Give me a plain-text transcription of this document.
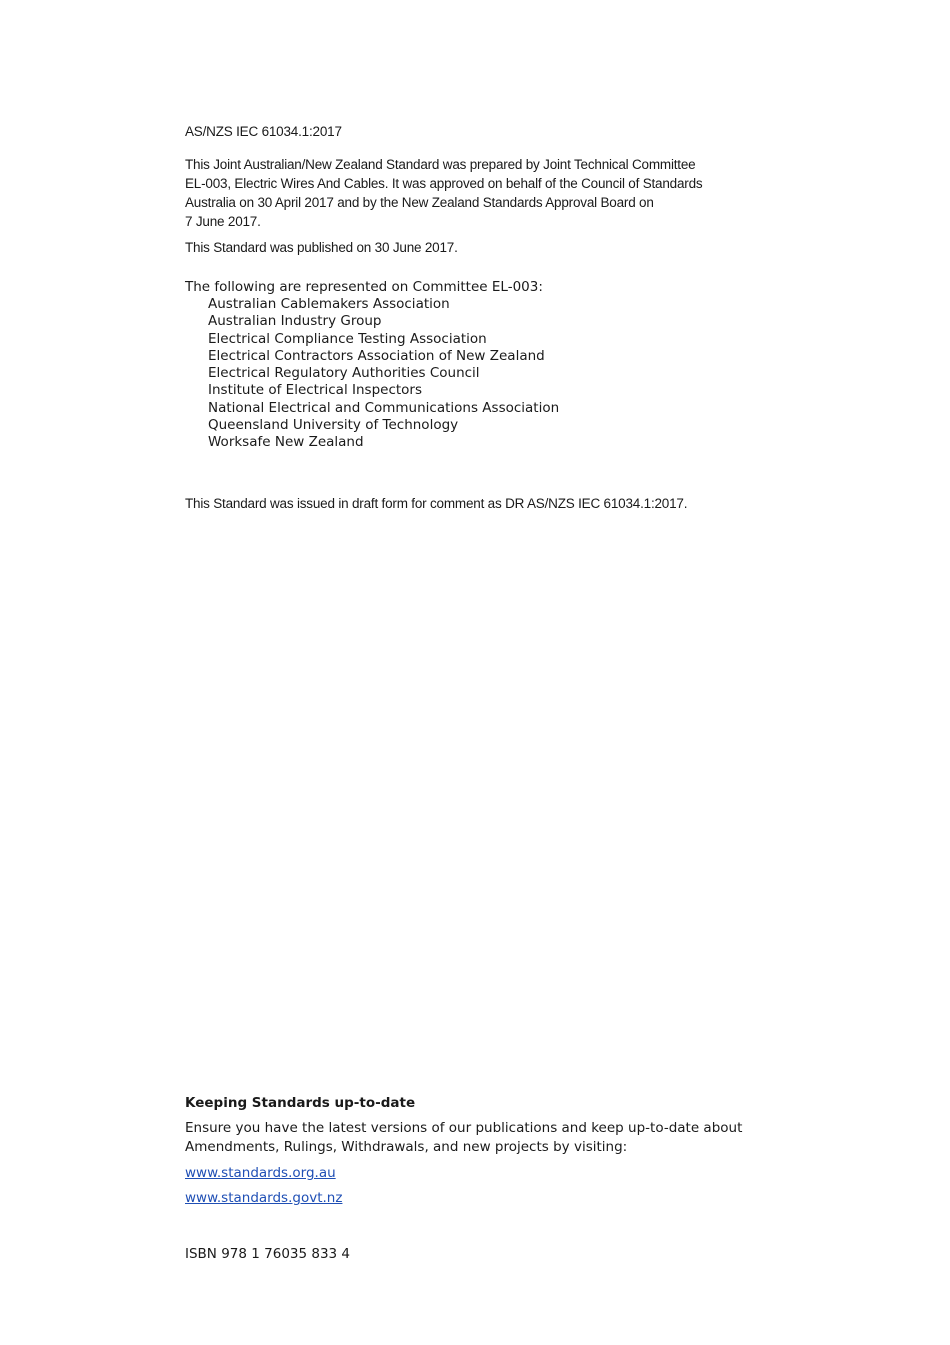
AS/NZS IEC 61034.1:2017
This Joint Australian/New Zealand Standard was prepared by Joint Technical Committee
EL-003, Electric Wires And Cables. It was approved on behalf of the Council of Standards
Australia on 30 April 2017 and by the New Zealand Standards Approval Board on
7 June 2017.
This Standard was published on 30 June 2017.
The following are represented on Committee EL-003:
Australian Cablemakers Association
Australian Industry Group
Electrical Compliance Testing Association
Electrical Contractors Association of New Zealand
Electrical Regulatory Authorities Council
Institute of Electrical Inspectors
National Electrical and Communications Association
Queensland University of Technology
Worksafe New Zealand
This Standard was issued in draft form for comment as DR AS/NZS IEC 61034.1:2017.
Keeping Standards up-to-date
Ensure you have the latest versions of our publications and keep up-to-date about
Amendments, Rulings, Withdrawals, and new projects by visiting:
www.standards.org.au
www.standards.govt.nz
ISBN 978 1 76035 833 4
